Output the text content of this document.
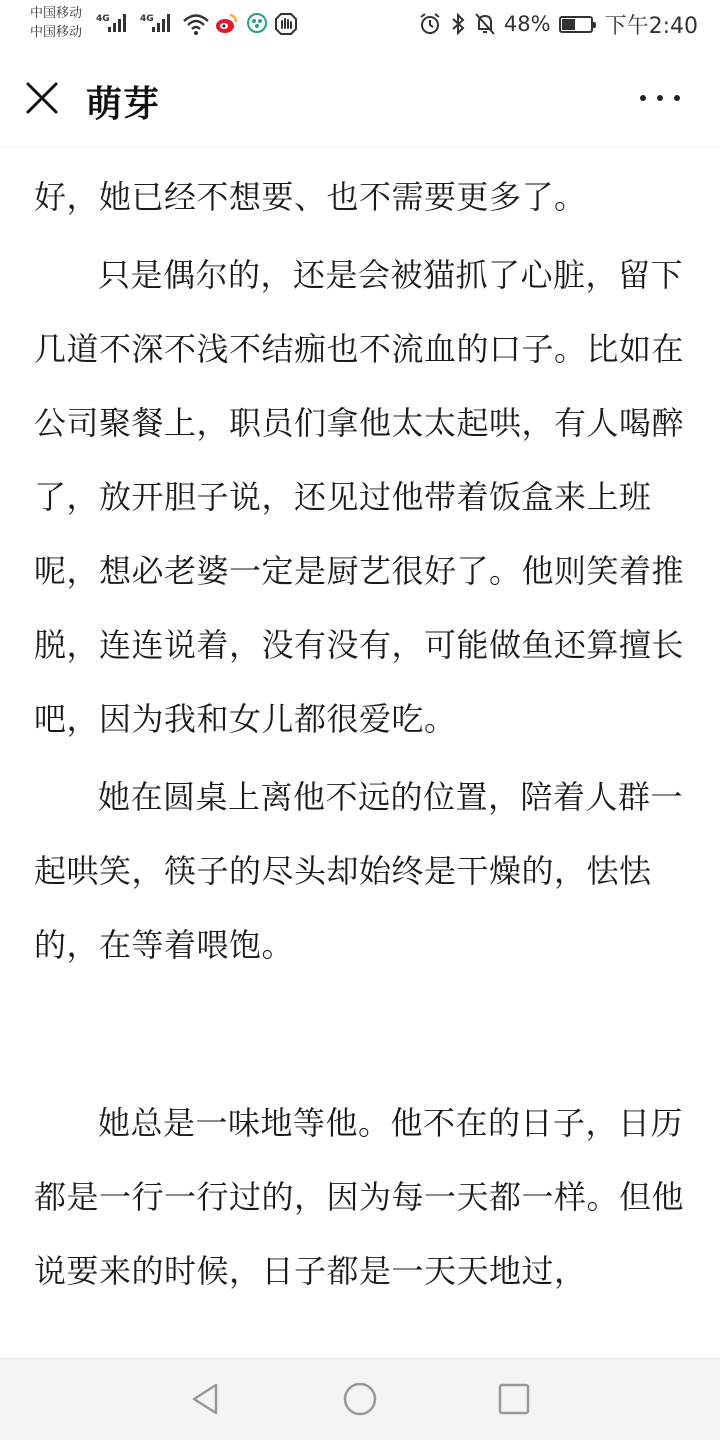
中国移动
中国移动
4G	4G	48% 下午2:40
萌芽

好，她已经不想要、也不需要更多了。

只是偶尔的，还是会被猫抓了心脏，留下几道不深不浅不结痂也不流血的口子。比如在公司聚餐上，职员们拿他太太起哄，有人喝醉了，放开胆子说，还见过他带着饭盒来上班呢，想必老婆一定是厨艺很好了。他则笑着推脱，连连说着，没有没有，可能做鱼还算擅长吧，因为我和女儿都很爱吃。

她在圆桌上离他不远的位置，陪着人群一起哄笑，筷子的尽头却始终是干燥的，怯怯的，在等着喂饱。

她总是一味地等他。他不在的日子，日历都是一行一行过的，因为每一天都一样。但他说要来的时候，日子都是一天天地过，
